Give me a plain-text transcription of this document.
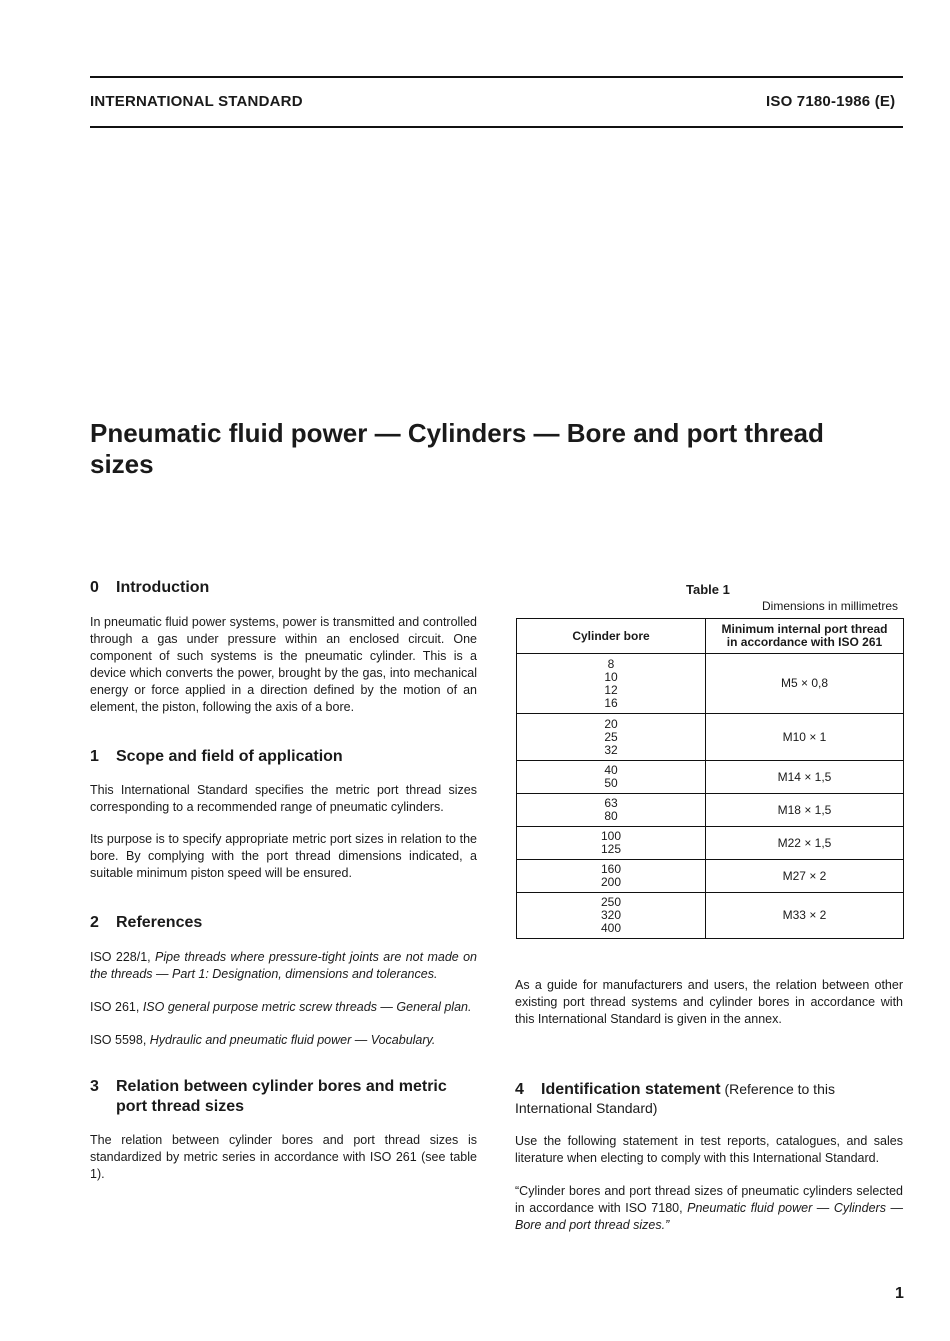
INTERNATIONAL STANDARD	ISO 7180-1986 (E)
Pneumatic fluid power — Cylinders — Bore and port thread sizes
0 Introduction

In pneumatic fluid power systems, power is transmitted and controlled through a gas under pressure within an enclosed circuit. One component of such systems is the pneumatic cylinder. This is a device which converts the power, brought by the gas, into mechanical energy or force applied in a direction defined by the motion of an element, the piston, following the axis of a bore.

1 Scope and field of application

This International Standard specifies the metric port thread sizes corresponding to a recommended range of pneumatic cylinders.

Its purpose is to specify appropriate metric port sizes in relation to the bore. By complying with the port thread dimensions indicated, a suitable minimum piston speed will be ensured.

2 References

ISO 228/1, Pipe threads where pressure-tight joints are not made on the threads — Part 1: Designation, dimensions and tolerances.

ISO 261, ISO general purpose metric screw threads — General plan.

ISO 5598, Hydraulic and pneumatic fluid power — Vocabulary.

3	Relation between cylinder bores and metric port thread sizes

The relation between cylinder bores and port thread sizes is standardized by metric series in accordance with ISO 261 (see table 1).

Table 1
Dimensions in millimetres
Cylinder bore	Minimum internal port thread
in accordance with ISO 261

8
10
12
16	M5 × 0,8

20
25
32	M10 × 1

40
50	M14 × 1,5

63
80	M18 × 1,5

100
125	M22 × 1,5

160
200	M27 × 2

250
320
400	M33 × 2

As a guide for manufacturers and users, the relation between other existing port thread systems and cylinder bores in accordance with this International Standard is given in the annex.

4 Identification statement (Reference to this International Standard)

Use the following statement in test reports, catalogues, and sales literature when electing to comply with this International Standard.

“Cylinder bores and port thread sizes of pneumatic cylinders selected in accordance with ISO 7180, Pneumatic fluid power — Cylinders — Bore and port thread sizes.”

1
